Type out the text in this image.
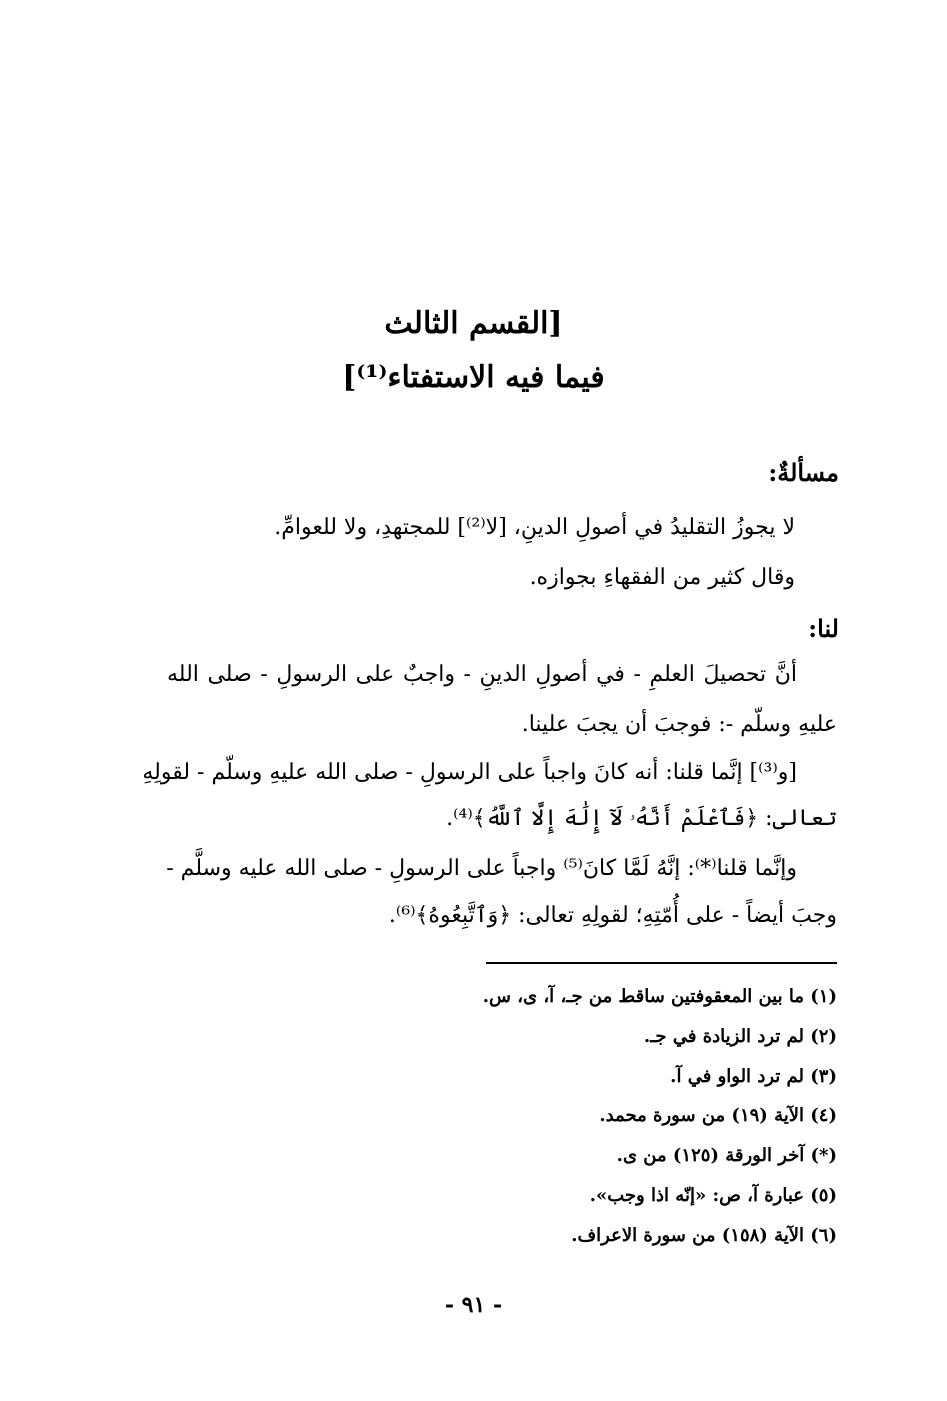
[القسم الثالث
فيما فيه الاستفتاء⁽¹⁾]
مسألةٌ:
لا يجوزُ التقليدُ في أصولِ الدينِ، [لا⁽²⁾] للمجتهدِ، ولا للعوامِّ.
وقال كثير من الفقهاءِ بجوازه.
لنا:
أنَّ تحصيلَ العلمِ - في أصولِ الدينِ - واجبٌ على الرسولِ - صلى الله
عليهِ وسلّم -: فوجبَ أن يجبَ علينا.
[و⁽³⁾] إنَّما قلنا: أنه كانَ واجباً على الرسولِ - صلى الله عليهِ وسلّم - لقولِهِ
تعالى: ﴿فَٱعْلَمْ أَنَّهُۥ لَآ إِلَٰهَ إِلَّا ٱللَّهُ﴾⁽⁴⁾.
وإنَّما قلنا⁽*⁾: إنَّهُ لَمَّا كانَ⁽⁵⁾ واجباً على الرسولِ - صلى الله عليه وسلَّم -
وجبَ أيضاً - على أُمّتِهِ؛ لقولِهِ تعالى: ﴿وَٱتَّبِعُوهُ﴾⁽⁶⁾.
(١) ما بين المعقوفتين ساقط من جـ، آ، ى، س.
(٢) لم ترد الزيادة في جـ.
(٣) لم ترد الواو في آ.
(٤) الآية (١٩) من سورة محمد.
(*) آخر الورقة (١٢٥) من ى.
(٥) عبارة آ، ص: «إنّه اذا وجب».
(٦) الآية (١٥٨) من سورة الاعراف.
- ٩١ -
